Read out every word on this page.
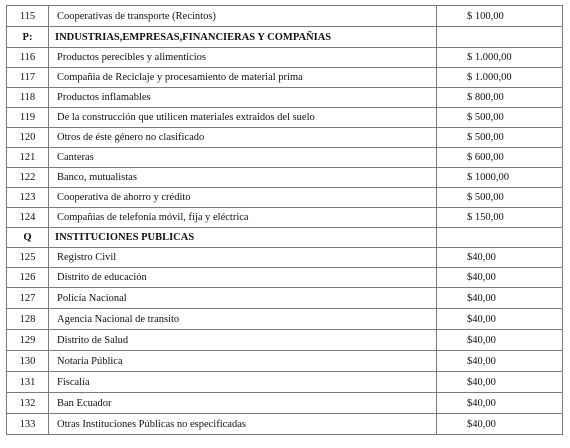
115	Cooperativas de transporte (Recintos)	$ 100,00
P:	INDUSTRIAS,EMPRESAS,FINANCIERAS Y COMPAÑIAS	
116	Productos perecibles y alimenticios	$ 1.000,00
117	Compañia de Reciclaje y procesamiento de material prima	$ 1.000,00
118	Productos inflamables	$ 800,00
119	De la construcción que utilicen materiales extraidos del suelo	$ 500,00
120	Otros de éste género no clasificado	$ 500,00
121	Canteras	$ 600,00
122	Banco, mutualistas	$ 1000,00
123	Cooperativa de ahorro y crédito	$ 500,00
124	Compañias de telefonía móvil, fija y eléctrica	$ 150,00
Q	INSTITUCIONES PUBLICAS	
125	Registro Civil	$40,00
126	Distrito de educación	$40,00
127	Policía Nacional	$40,00
128	Agencia Nacional de transito	$40,00
129	Distrito de Salud	$40,00
130	Notaria Pública	$40,00
131	Fiscalía	$40,00
132	Ban Ecuador	$40,00
133	Otras Instituciones Públicas no especificadas	$40,00
